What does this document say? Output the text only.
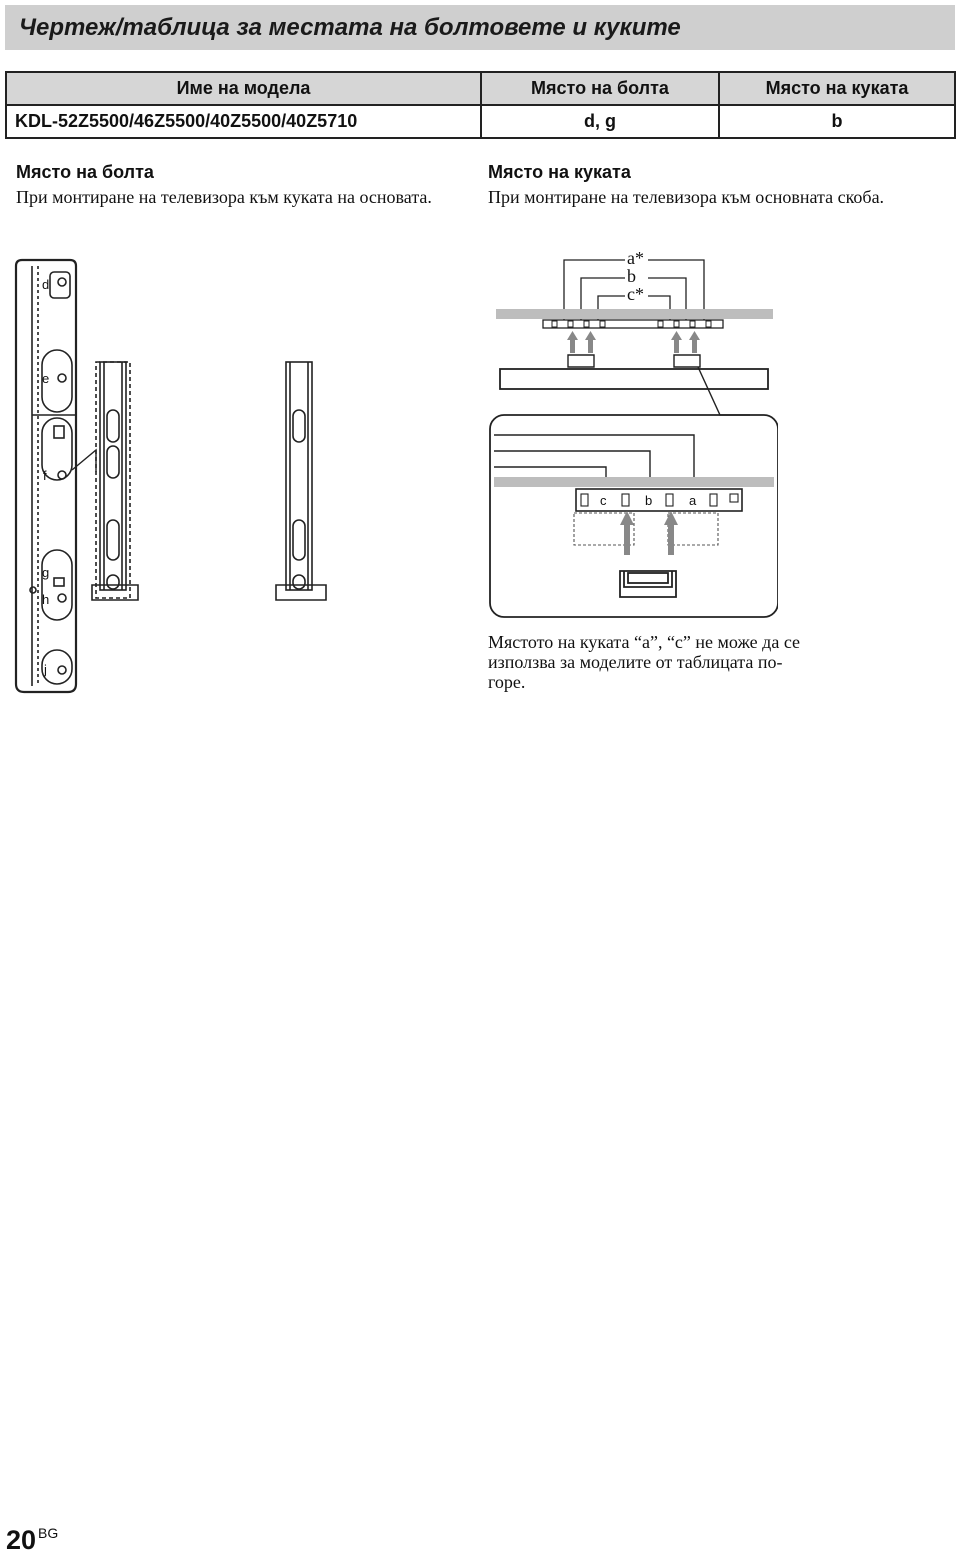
Чертеж/таблица за местата на болтовете и куките
Име на модела	Място на болта	Място на куката
KDL-52Z5500/46Z5500/40Z5500/40Z5710	d, g	b
Място на болта
При монтиране на телевизора към куката на основата.
Място на куката
При монтиране на телевизора към основната скоба.
d
e
f
g
h
j
a*
b
c*
c	b	a
Мястото на куката “a”, “c” не може да се използва за моделите от таблицата по-горе.
20 $^{BG}$
